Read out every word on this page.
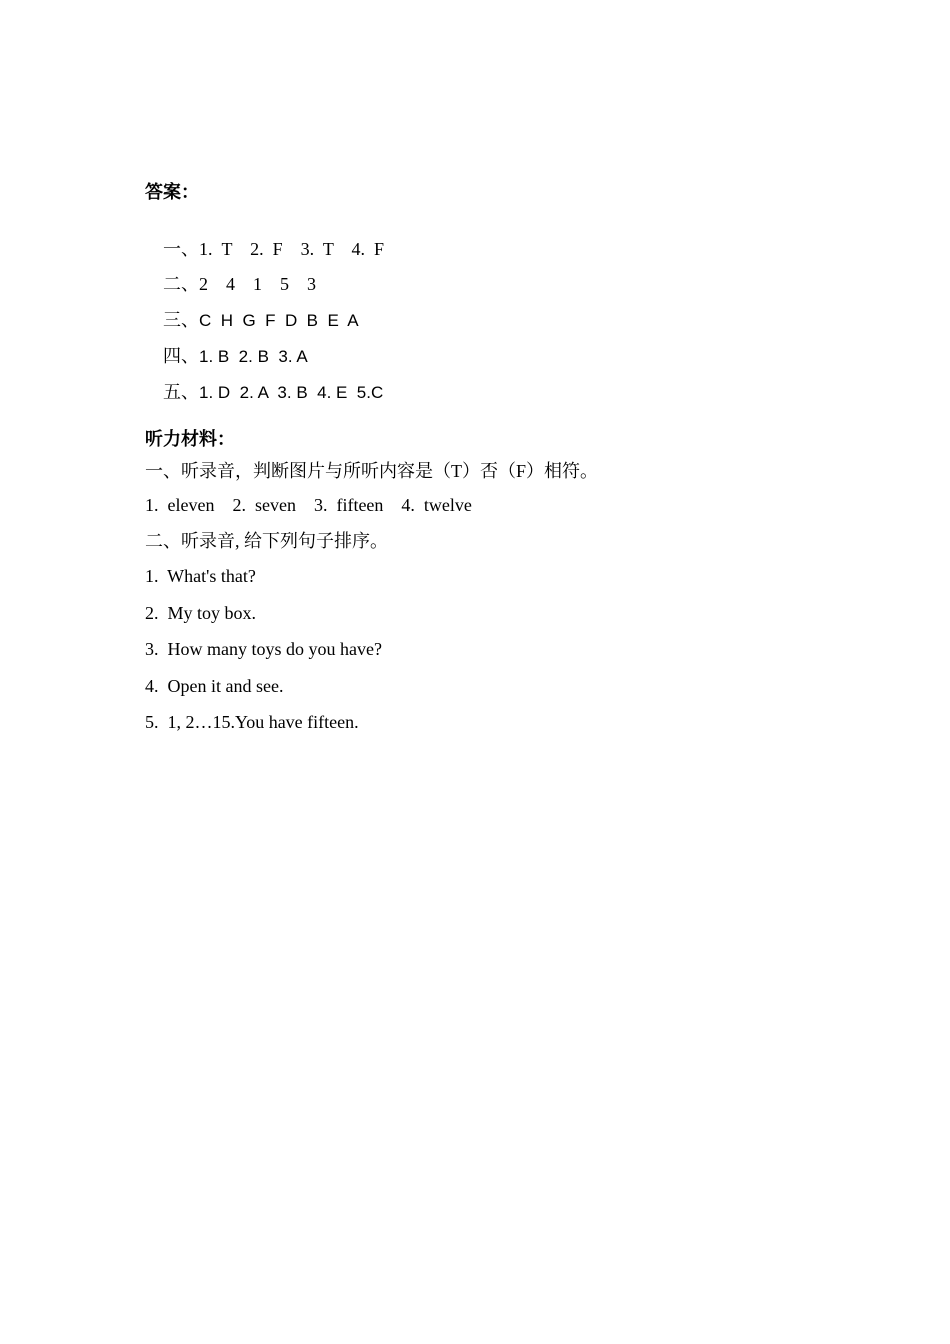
答案：

一、1.  T    2.  F    3.  T    4.  F

二、2    4    1    5    3

三、C  H  G  F  D  B  E  A

四、1. B  2. B  3. A

五、1. D  2. A  3. B  4. E  5.C

听力材料：
一、听录音，判断图片与所听内容是（T）否（F）相符。
1.  eleven    2.  seven    3.  fifteen    4.  twelve
二、听录音, 给下列句子排序。
1.  What's that?
2.  My toy box.
3.  How many toys do you have?
4.  Open it and see.
5.  1, 2…15.You have fifteen.
